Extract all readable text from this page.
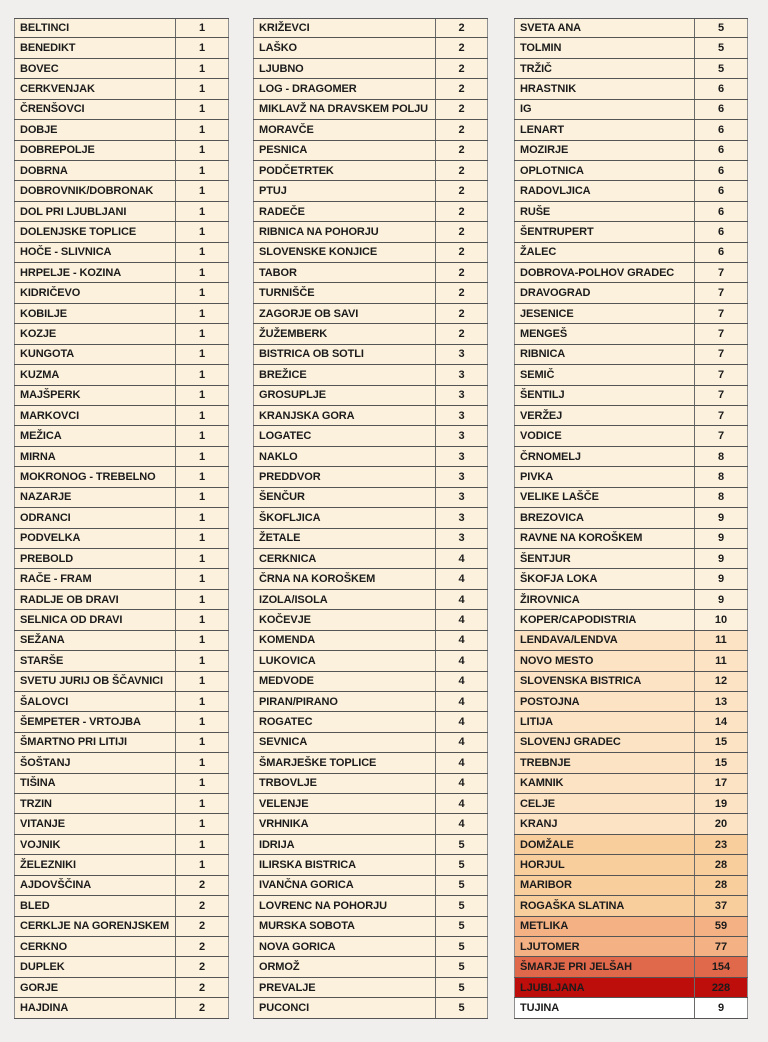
BELTINCI	1
BENEDIKT	1
BOVEC	1
CERKVENJAK	1
ČRENŠOVCI	1
DOBJE	1
DOBREPOLJE	1
DOBRNA	1
DOBROVNIK/DOBRONAK	1
DOL PRI LJUBLJANI	1
DOLENJSKE TOPLICE	1
HOČE - SLIVNICA	1
HRPELJE - KOZINA	1
KIDRIČEVO	1
KOBILJE	1
KOZJE	1
KUNGOTA	1
KUZMA	1
MAJŠPERK	1
MARKOVCI	1
MEŽICA	1
MIRNA	1
MOKRONOG - TREBELNO	1
NAZARJE	1
ODRANCI	1
PODVELKA	1
PREBOLD	1
RAČE - FRAM	1
RADLJE OB DRAVI	1
SELNICA OD DRAVI	1
SEŽANA	1
STARŠE	1
SVETU JURIJ OB ŠČAVNICI	1
ŠALOVCI	1
ŠEMPETER - VRTOJBA	1
ŠMARTNO PRI LITIJI	1
ŠOŠTANJ	1
TIŠINA	1
TRZIN	1
VITANJE	1
VOJNIK	1
ŽELEZNIKI	1
AJDOVŠČINA	2
BLED	2
CERKLJE NA GORENJSKEM	2
CERKNO	2
DUPLEK	2
GORJE	2
HAJDINA	2
KRIŽEVCI	2
LAŠKO	2
LJUBNO	2
LOG - DRAGOMER	2
MIKLAVŽ NA DRAVSKEM POLJU	2
MORAVČE	2
PESNICA	2
PODČETRTEK	2
PTUJ	2
RADEČE	2
RIBNICA NA POHORJU	2
SLOVENSKE KONJICE	2
TABOR	2
TURNIŠČE	2
ZAGORJE OB SAVI	2
ŽUŽEMBERK	2
BISTRICA OB SOTLI	3
BREŽICE	3
GROSUPLJE	3
KRANJSKA GORA	3
LOGATEC	3
NAKLO	3
PREDDVOR	3
ŠENČUR	3
ŠKOFLJICA	3
ŽETALE	3
CERKNICA	4
ČRNA NA KOROŠKEM	4
IZOLA/ISOLA	4
KOČEVJE	4
KOMENDA	4
LUKOVICA	4
MEDVODE	4
PIRAN/PIRANO	4
ROGATEC	4
SEVNICA	4
ŠMARJEŠKE TOPLICE	4
TRBOVLJE	4
VELENJE	4
VRHNIKA	4
IDRIJA	5
ILIRSKA BISTRICA	5
IVANČNA GORICA	5
LOVRENC NA POHORJU	5
MURSKA SOBOTA	5
NOVA GORICA	5
ORMOŽ	5
PREVALJE	5
PUCONCI	5
SVETA ANA	5
TOLMIN	5
TRŽIČ	5
HRASTNIK	6
IG	6
LENART	6
MOZIRJE	6
OPLOTNICA	6
RADOVLJICA	6
RUŠE	6
ŠENTRUPERT	6
ŽALEC	6
DOBROVA-POLHOV GRADEC	7
DRAVOGRAD	7
JESENICE	7
MENGEŠ	7
RIBNICA	7
SEMIČ	7
ŠENTILJ	7
VERŽEJ	7
VODICE	7
ČRNOMELJ	8
PIVKA	8
VELIKE LAŠČE	8
BREZOVICA	9
RAVNE NA KOROŠKEM	9
ŠENTJUR	9
ŠKOFJA LOKA	9
ŽIROVNICA	9
KOPER/CAPODISTRIA	10
LENDAVA/LENDVA	11
NOVO MESTO	11
SLOVENSKA BISTRICA	12
POSTOJNA	13
LITIJA	14
SLOVENJ GRADEC	15
TREBNJE	15
KAMNIK	17
CELJE	19
KRANJ	20
DOMŽALE	23
HORJUL	28
MARIBOR	28
ROGAŠKA SLATINA	37
METLIKA	59
LJUTOMER	77
ŠMARJE PRI JELŠAH	154
LJUBLJANA	228
TUJINA	9
